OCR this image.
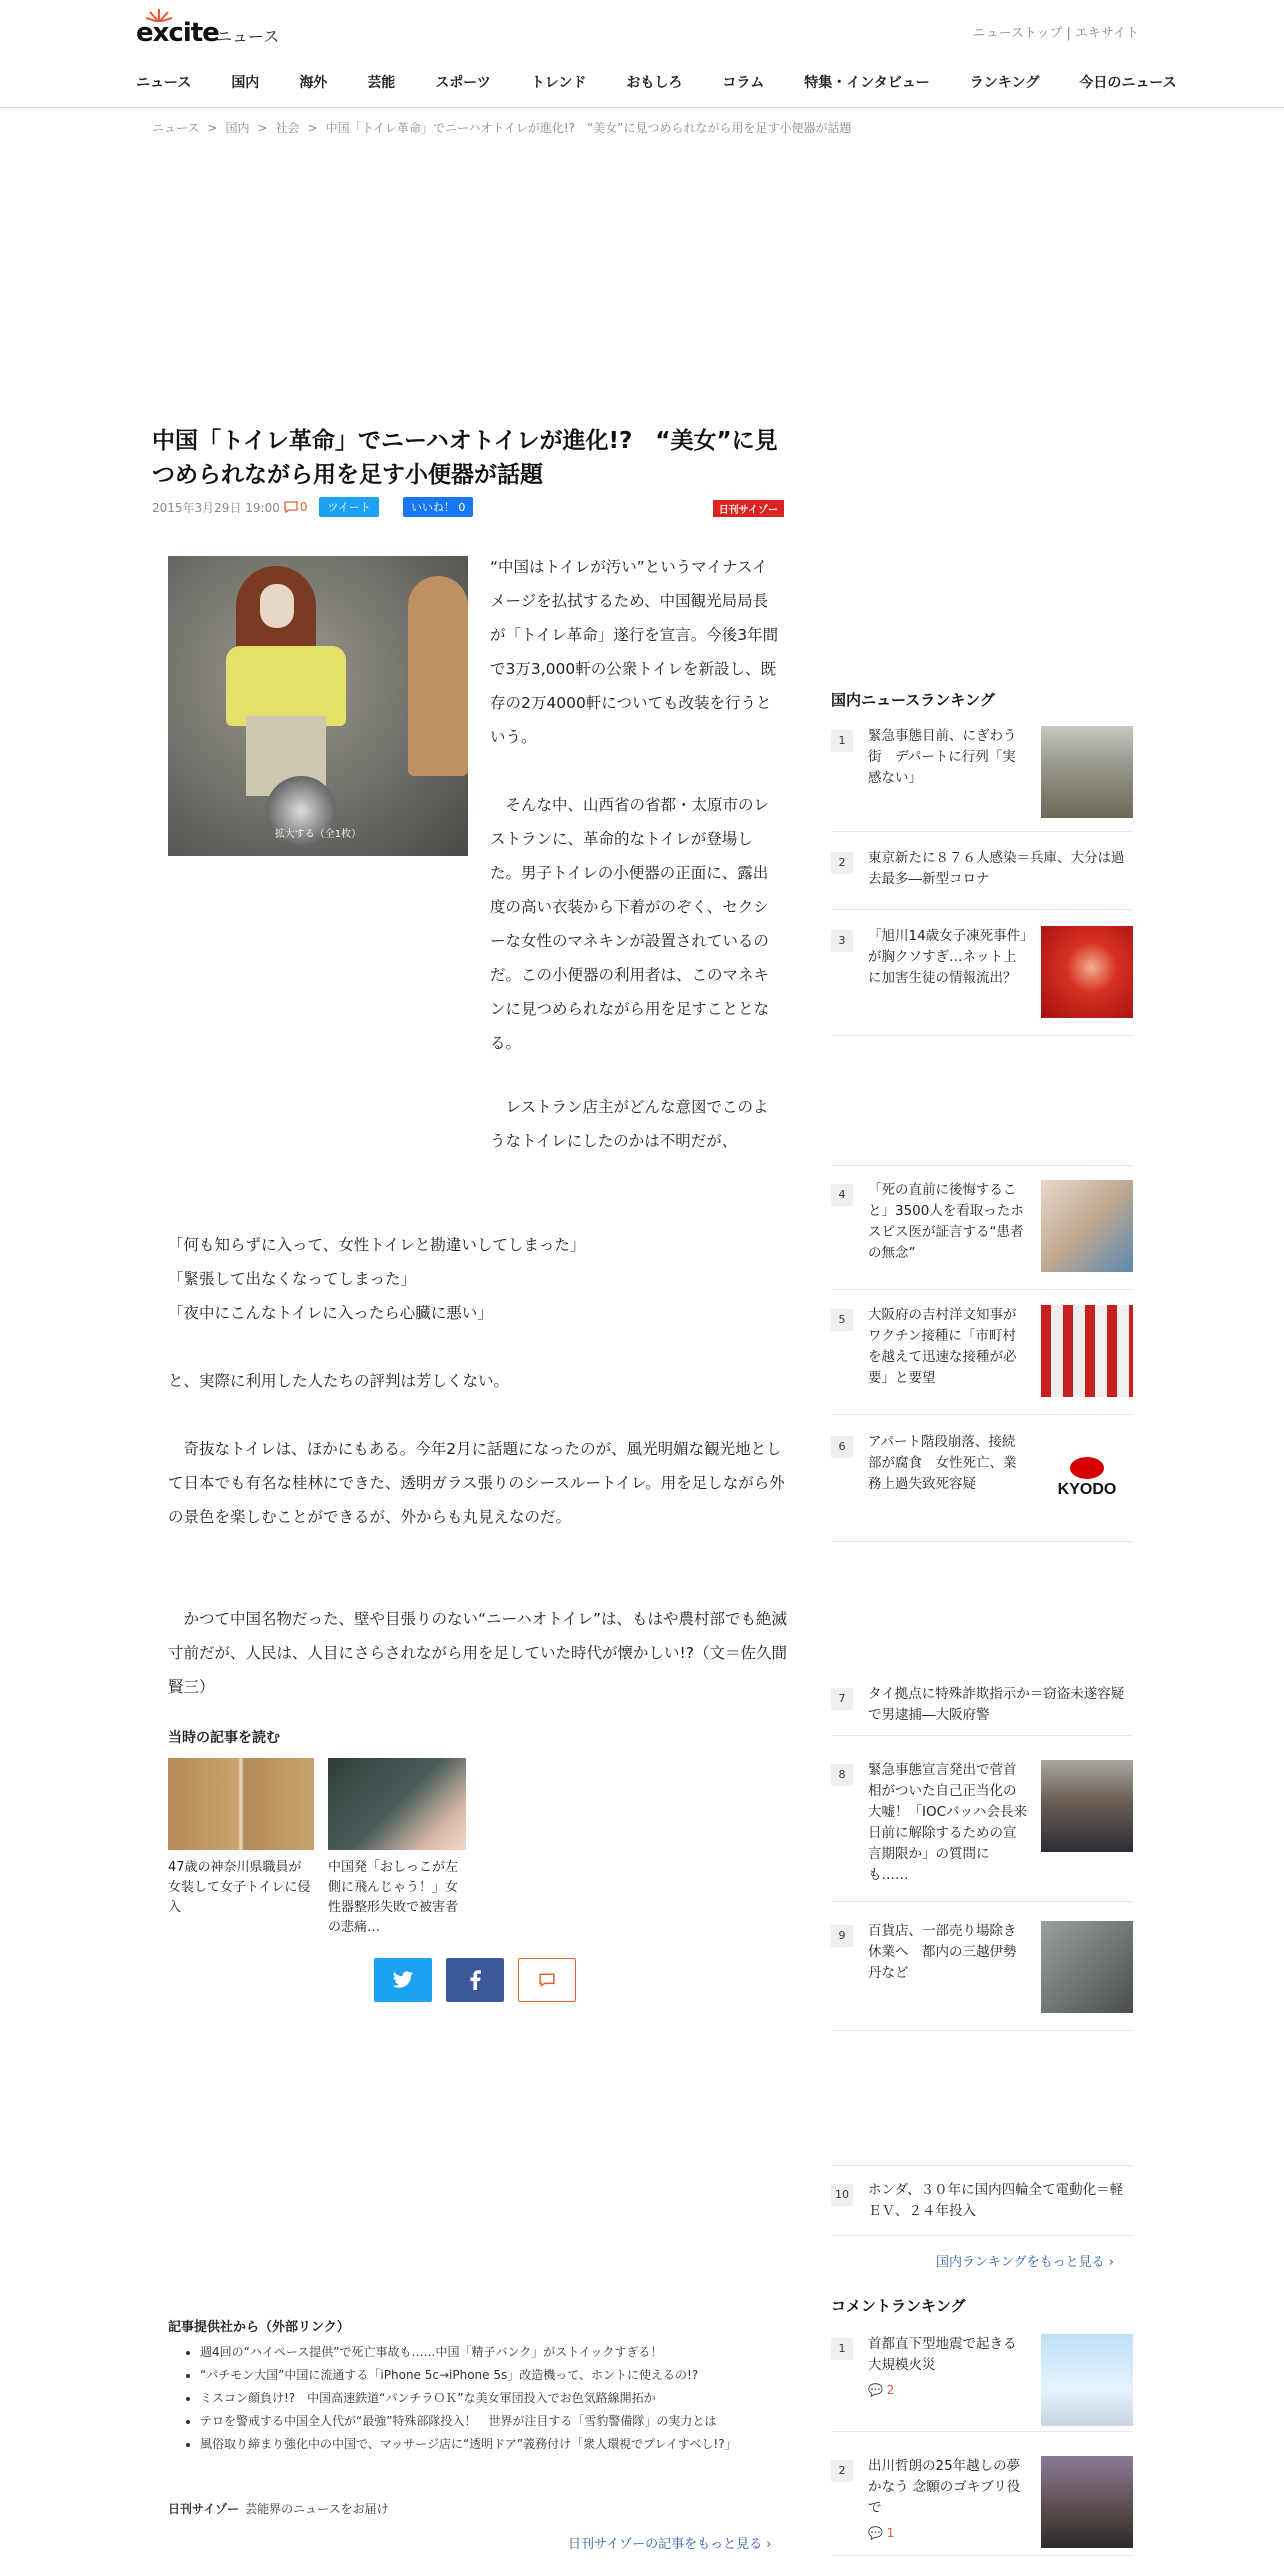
excite
ニュース	ニューストップ | エキサイト
ニュース	国内	海外	芸能	スポーツ	トレンド	おもしろ	コラム	特集・インタビュー	ランキング	今日のニュース
ニュース > 国内 > 社会 > 中国「トイレ革命」でニーハオトイレが進化!?　“美女”に見つめられながら用を足す小便器が話題
中国「トイレ革命」でニーハオトイレが進化!?　“美女”に見つめられながら用を足す小便器が話題
2015年3月29日 19:00 0	ツイート	いいね！ 0	日刊サイゾー
拡大する（全1枚）

“中国はトイレが汚い”というマイナスイメージを払拭するため、中国観光局局長が「トイレ革命」遂行を宣言。今後3年間で3万3,000軒の公衆トイレを新設し、既存の2万4000軒についても改装を行うという。

　そんな中、山西省の省都・太原市のレストランに、革命的なトイレが登場した。男子トイレの小便器の正面に、露出度の高い衣装から下着がのぞく、セクシーな女性のマネキンが設置されているのだ。この小便器の利用者は、このマネキンに見つめられながら用を足すこととなる。

　レストラン店主がどんな意図でこのようなトイレにしたのかは不明だが、

「何も知らずに入って、女性トイレと勘違いしてしまった」

「緊張して出なくなってしまった」

「夜中にこんなトイレに入ったら心臓に悪い」

と、実際に利用した人たちの評判は芳しくない。

　奇抜なトイレは、ほかにもある。今年2月に話題になったのが、風光明媚な観光地として日本でも有名な桂林にできた、透明ガラス張りのシースルートイレ。用を足しながら外の景色を楽しむことができるが、外からも丸見えなのだ。

　かつて中国名物だった、壁や目張りのない“ニーハオトイレ”は、もはや農村部でも絶滅寸前だが、人民は、人目にさらされながら用を足していた時代が懐かしい!?（文＝佐久間賢三）

当時の記事を読む
47歳の神奈川県職員が女装して女子トイレに侵入
中国発「おしっこが左側に飛んじゃう！」女性器整形失敗で被害者の悲痛…
記事提供社から（外部リンク）
• 週4回の“ハイペース提供”で死亡事故も……中国「精子バンク」がストイックすぎる！
• “パチモン大国”中国に流通する「iPhone 5c→iPhone 5s」改造機って、ホントに使えるの!?
• ミスコン顔負け!?　中国高速鉄道“パンチラＯＫ”な美女軍団投入でお色気路線開拓か
• テロを警戒する中国全人代が“最強”特殊部隊投入！　世界が注目する「雪豹警備隊」の実力とは
• 風俗取り締まり強化中の中国で、マッサージ店に“透明ドア”義務付け「衆人環視でプレイすべし!?」
日刊サイゾー 芸能界のニュースをお届け
日刊サイゾーの記事をもっと見る ›
国内ニュースランキング
1	緊急事態目前、にぎわう街　デパートに行列「実感ない」
2	東京新たに８７６人感染＝兵庫、大分は過去最多―新型コロナ
3	「旭川14歳女子凍死事件」が胸クソすぎ…ネット上に加害生徒の情報流出？
4	「死の直前に後悔すること」3500人を看取ったホスピス医が証言する“患者の無念”
5	大阪府の吉村洋文知事がワクチン接種に「市町村を越えて迅速な接種が必要」と要望
6	アパート階段崩落、接続部が腐食　女性死亡、業務上過失致死容疑	KYODO
7	タイ拠点に特殊詐欺指示か＝窃盗未遂容疑で男逮捕―大阪府警
8	緊急事態宣言発出で菅首相がついた自己正当化の大嘘！「IOCバッハ会長来日前に解除するための宣言期限か」の質問にも……
9	百貨店、一部売り場除き休業へ　都内の三越伊勢丹など
10 ホンダ、３０年に国内四輪全て電動化＝軽ＥＶ、２４年投入
国内ランキングをもっと見る ›
コメントランキング
1	首都直下型地震で起きる大規模火災
💬 2
2	出川哲朗の25年越しの夢かなう 念願のゴキブリ役で
💬 1
